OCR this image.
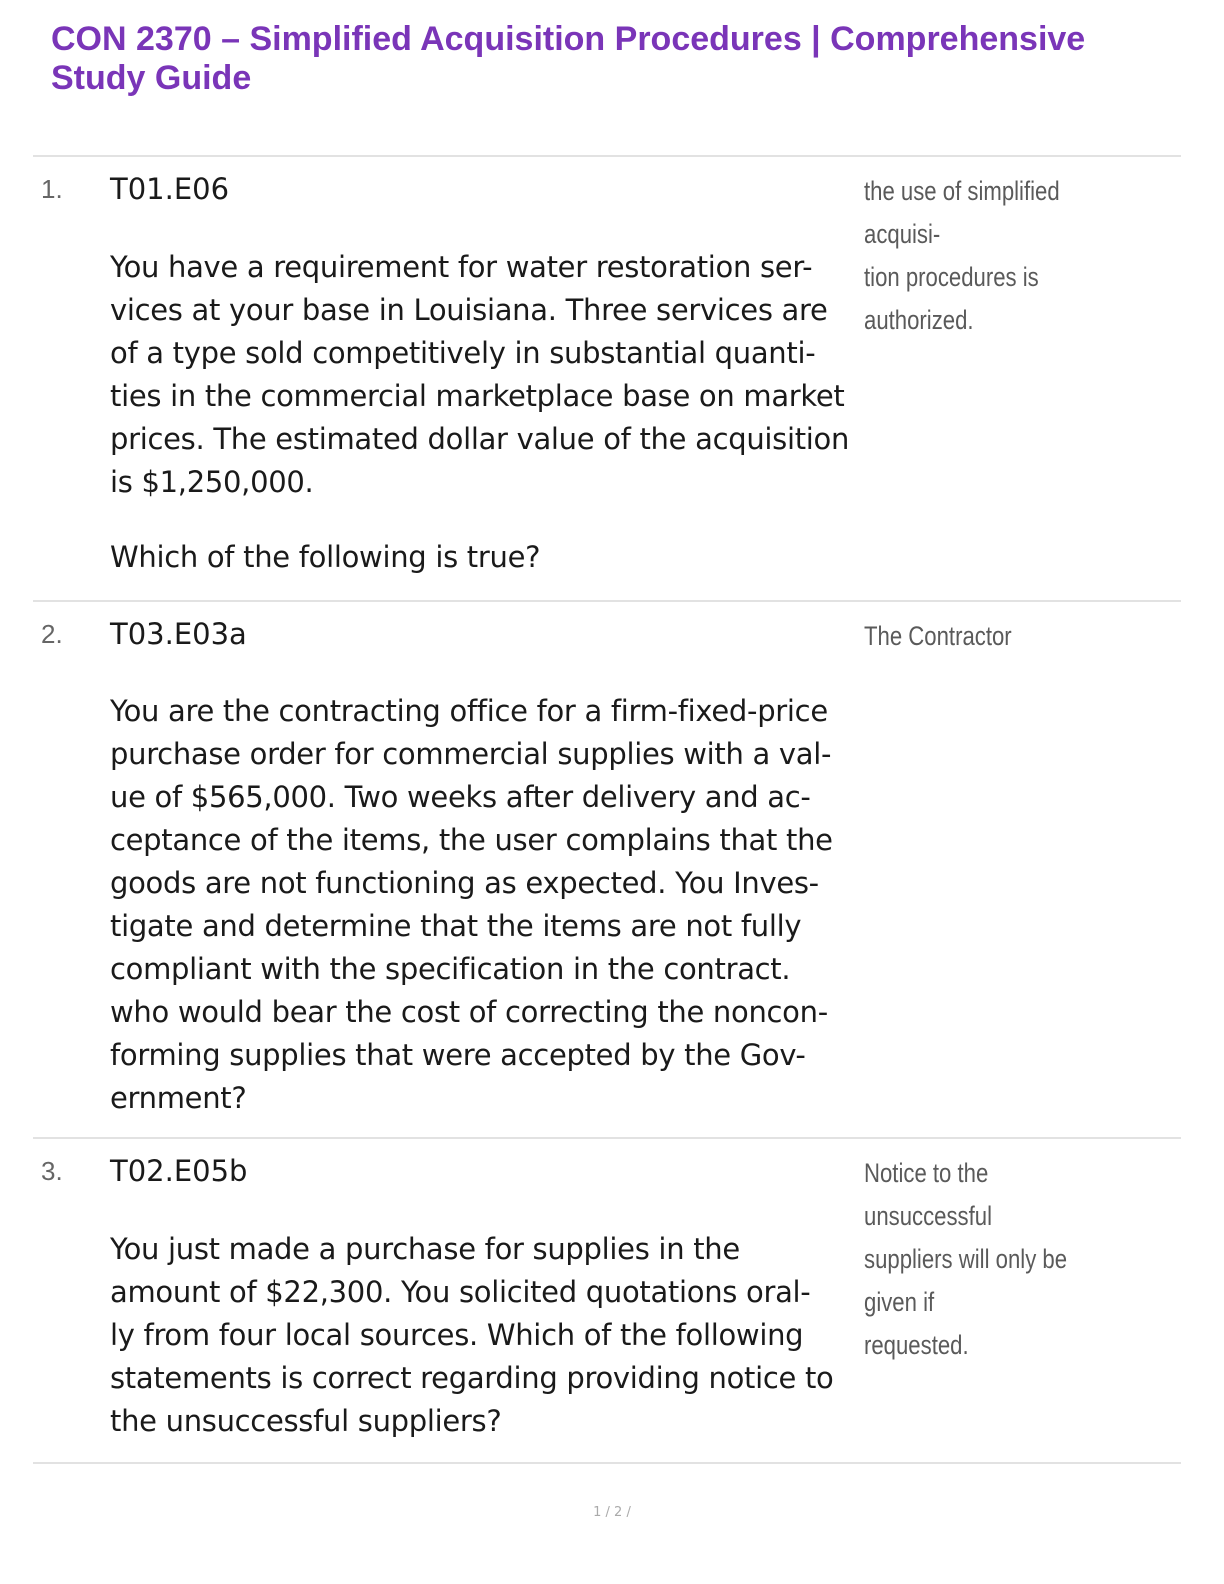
CON 2370 – Simplified Acquisition Procedures | Comprehensive Study Guide
1. T01.E06

You have a requirement for water restoration ser-
vices at your base in Louisiana. Three services are
of a type sold competitively in substantial quanti-
ties in the commercial marketplace base on market
prices. The estimated dollar value of the acquisition
is $1,250,000.

Which of the following is true?

the use of simplified acquisi-
tion procedures is authorized.
2. T03.E03a

You are the contracting office for a firm-fixed-price
purchase order for commercial supplies with a val-
ue of $565,000. Two weeks after delivery and ac-
ceptance of the items, the user complains that the
goods are not functioning as expected. You Inves-
tigate and determine that the items are not fully
compliant with the specification in the contract.
who would bear the cost of correcting the noncon-
forming supplies that were accepted by the Gov-
ernment?

The Contractor
3. T02.E05b

You just made a purchase for supplies in the
amount of $22,300. You solicited quotations oral-
ly from four local sources. Which of the following
statements is correct regarding providing notice to
the unsuccessful suppliers?

Notice to the unsuccessful
suppliers will only be given if
requested.
1 / 2 /
